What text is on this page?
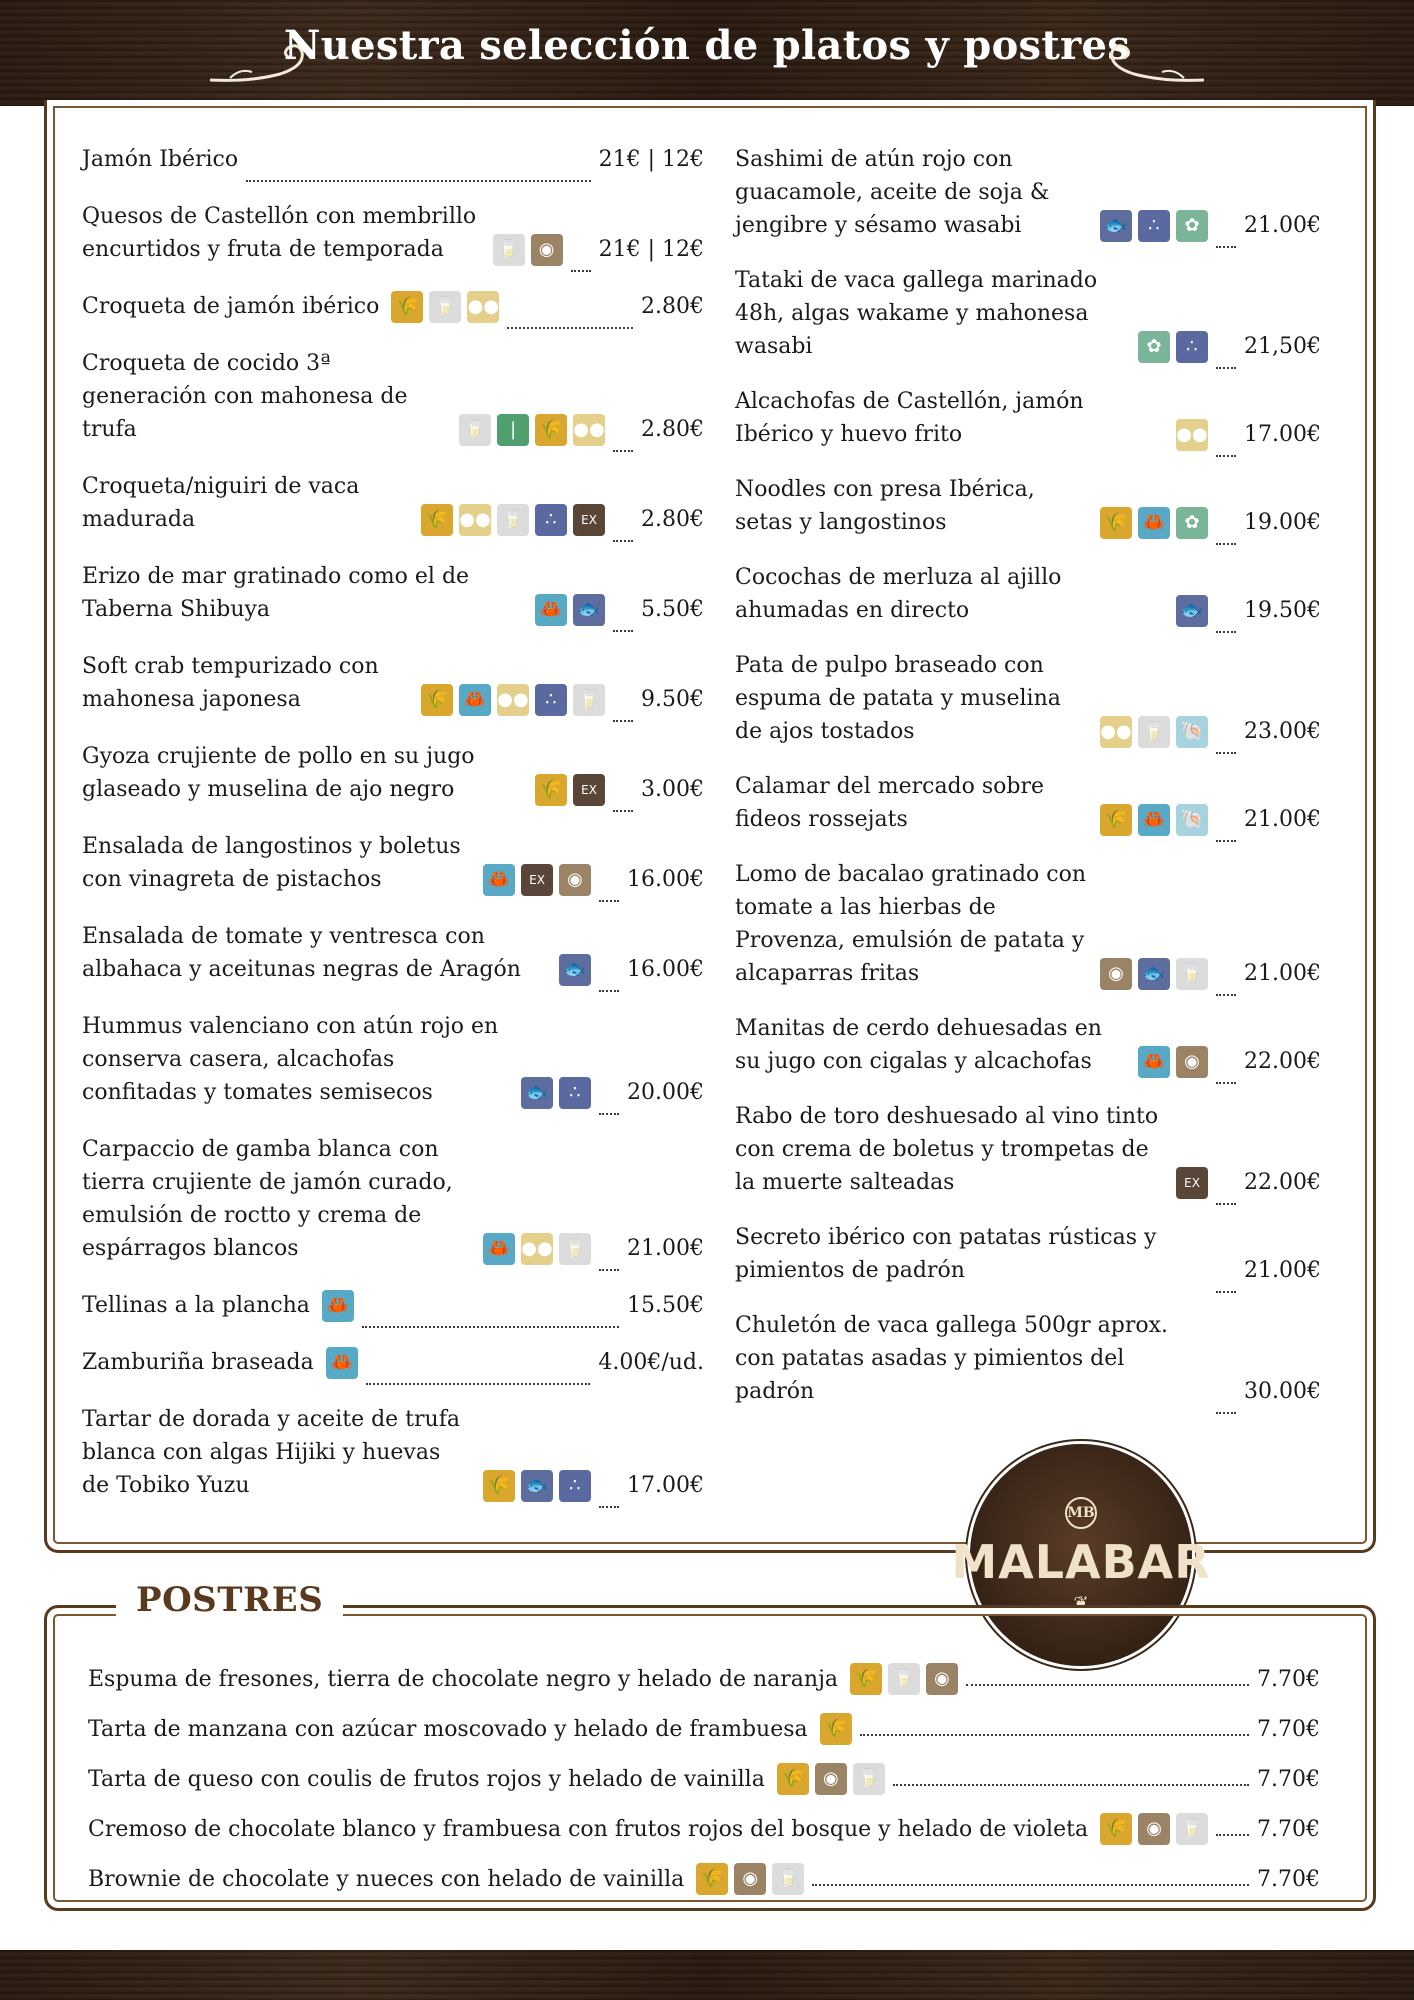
Nuestra selección de platos y postres
Jamón Ibérico	21€ | 12€
Quesos de Castellón con membrillo encurtidos y fruta de temporada	🥛	◉	21€ | 12€
Croqueta de jamón ibérico 🌾 🥛 ●●	2.80€
Croqueta de cocido 3ª generación con mahonesa de trufa	🥛	❘	🌾 ●● 2.80€
Croqueta/niguiri de vaca madurada	🌾 ●● 🥛	∴	EX	2.80€
Erizo de mar gratinado como el de Taberna Shibuya	🦀 🐟 5.50€
Soft crab tempurizado con mahonesa japonesa	🌾 🦀 ●● ∴	🥛 9.50€
Gyoza crujiente de pollo en su jugo glaseado y muselina de ajo negro	🌾	EX	3.00€
Ensalada de langostinos y boletus con vinagreta de pistachos	🦀	EX	◉	16.00€
Ensalada de tomate y ventresca con albahaca y aceitunas negras de Aragón	🐟 16.00€
Hummus valenciano con atún rojo en conserva casera, alcachofas confitadas y tomates semisecos	🐟	∴	20.00€
Carpaccio de gamba blanca con tierra crujiente de jamón curado, emulsión de roctto y crema de espárragos blancos	🦀 ●● 🥛 21.00€
Tellinas a la plancha 🦀	15.50€
Zamburiña braseada 🦀	4.00€/ud.
Tartar de dorada y aceite de trufa blanca con algas Hijiki y huevas de Tobiko Yuzu	🌾 🐟	∴	17.00€
Sashimi de atún rojo con guacamole, aceite de soja & jengibre y sésamo wasabi	🐟	∴	✿	21.00€
Tataki de vaca gallega marinado 48h, algas wakame y mahonesa wasabi	✿	∴	21,50€
Alcachofas de Castellón, jamón Ibérico y huevo frito	●● 17.00€
Noodles con presa Ibérica, setas y langostinos	🌾 🦀	✿	19.00€
Cocochas de merluza al ajillo ahumadas en directo	🐟 19.50€
Pata de pulpo braseado con espuma de patata y muselina de ajos tostados	●● 🥛 🐚 23.00€
Calamar del mercado sobre fideos rossejats	🌾 🦀 🐚 21.00€
Lomo de bacalao gratinado con tomate a las hierbas de Provenza, emulsión de patata y alcaparras fritas	◉	🐟 🥛 21.00€
Manitas de cerdo dehuesadas en su jugo con cigalas y alcachofas	🦀	◉	22.00€
Rabo de toro deshuesado al vino tinto con crema de boletus y trompetas de la muerte salteadas	EX	22.00€
Secreto ibérico con patatas rústicas y pimientos de padrón	21.00€
Chuletón de vaca gallega 500gr aprox. con patatas asadas y pimientos del padrón	30.00€
MB
MALABAR
❦
POSTRES
Espuma de fresones, tierra de chocolate negro y helado de naranja 🌾 🥛	◉	7.70€
Tarta de manzana con azúcar moscovado y helado de frambuesa 🌾	7.70€
Tarta de queso con coulis de frutos rojos y helado de vainilla 🌾	◉	🥛	7.70€
Cremoso de chocolate blanco y frambuesa con frutos rojos del bosque y helado de violeta 🌾	◉	🥛 7.70€
Brownie de chocolate y nueces con helado de vainilla 🌾	◉	🥛	7.70€
